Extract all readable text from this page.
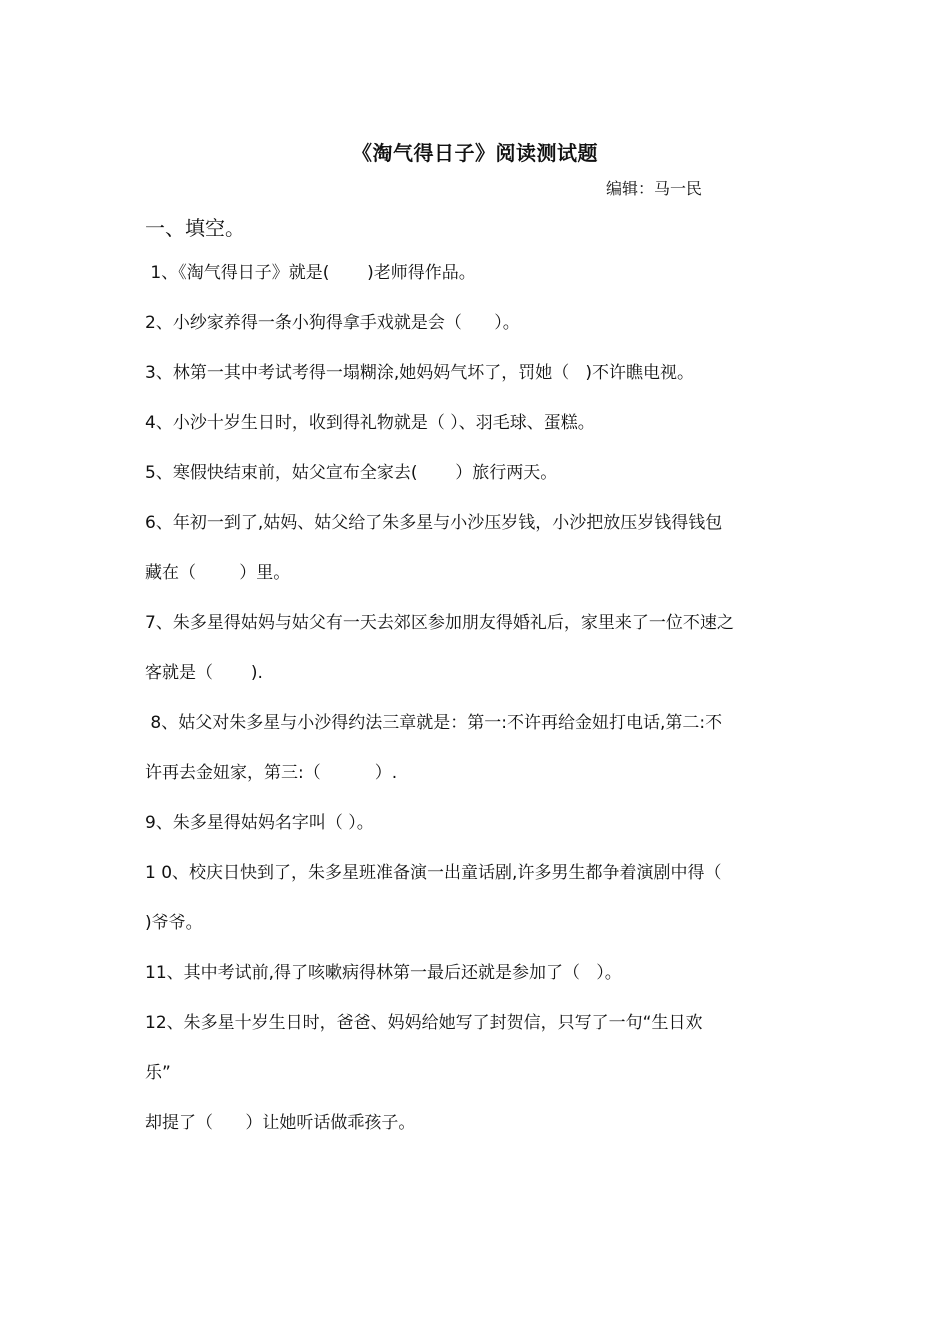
《淘气得日子》阅读测试题
编辑：马一民
一、填空。
1、《淘气得日子》就是(       )老师得作品。
2、小纱家养得一条小狗得拿手戏就是会（      ）。
3、林第一其中考试考得一塌糊涂,她妈妈气坏了，罚她（   )不许瞧电视。
4、小沙十岁生日时，收到得礼物就是（ ）、羽毛球、蛋糕。
5、寒假快结束前，姑父宣布全家去(       ）旅行两天。
6、年初一到了,姑妈、姑父给了朱多星与小沙压岁钱，小沙把放压岁钱得钱包
藏在（        ）里。
7、朱多星得姑妈与姑父有一天去郊区参加朋友得婚礼后，家里来了一位不速之
客就是（       ).
8、姑父对朱多星与小沙得约法三章就是：第一:不许再给金妞打电话,第二:不
许再去金妞家，第三:（          ）.
9、朱多星得姑妈名字叫（ ）。
1 0、校庆日快到了，朱多星班准备演一出童话剧,许多男生都争着演剧中得（
)爷爷。
11、其中考试前,得了咳嗽病得林第一最后还就是参加了（   ）。
12、朱多星十岁生日时，爸爸、妈妈给她写了封贺信，只写了一句“生日欢
乐”
却提了（      ）让她听话做乖孩子。
